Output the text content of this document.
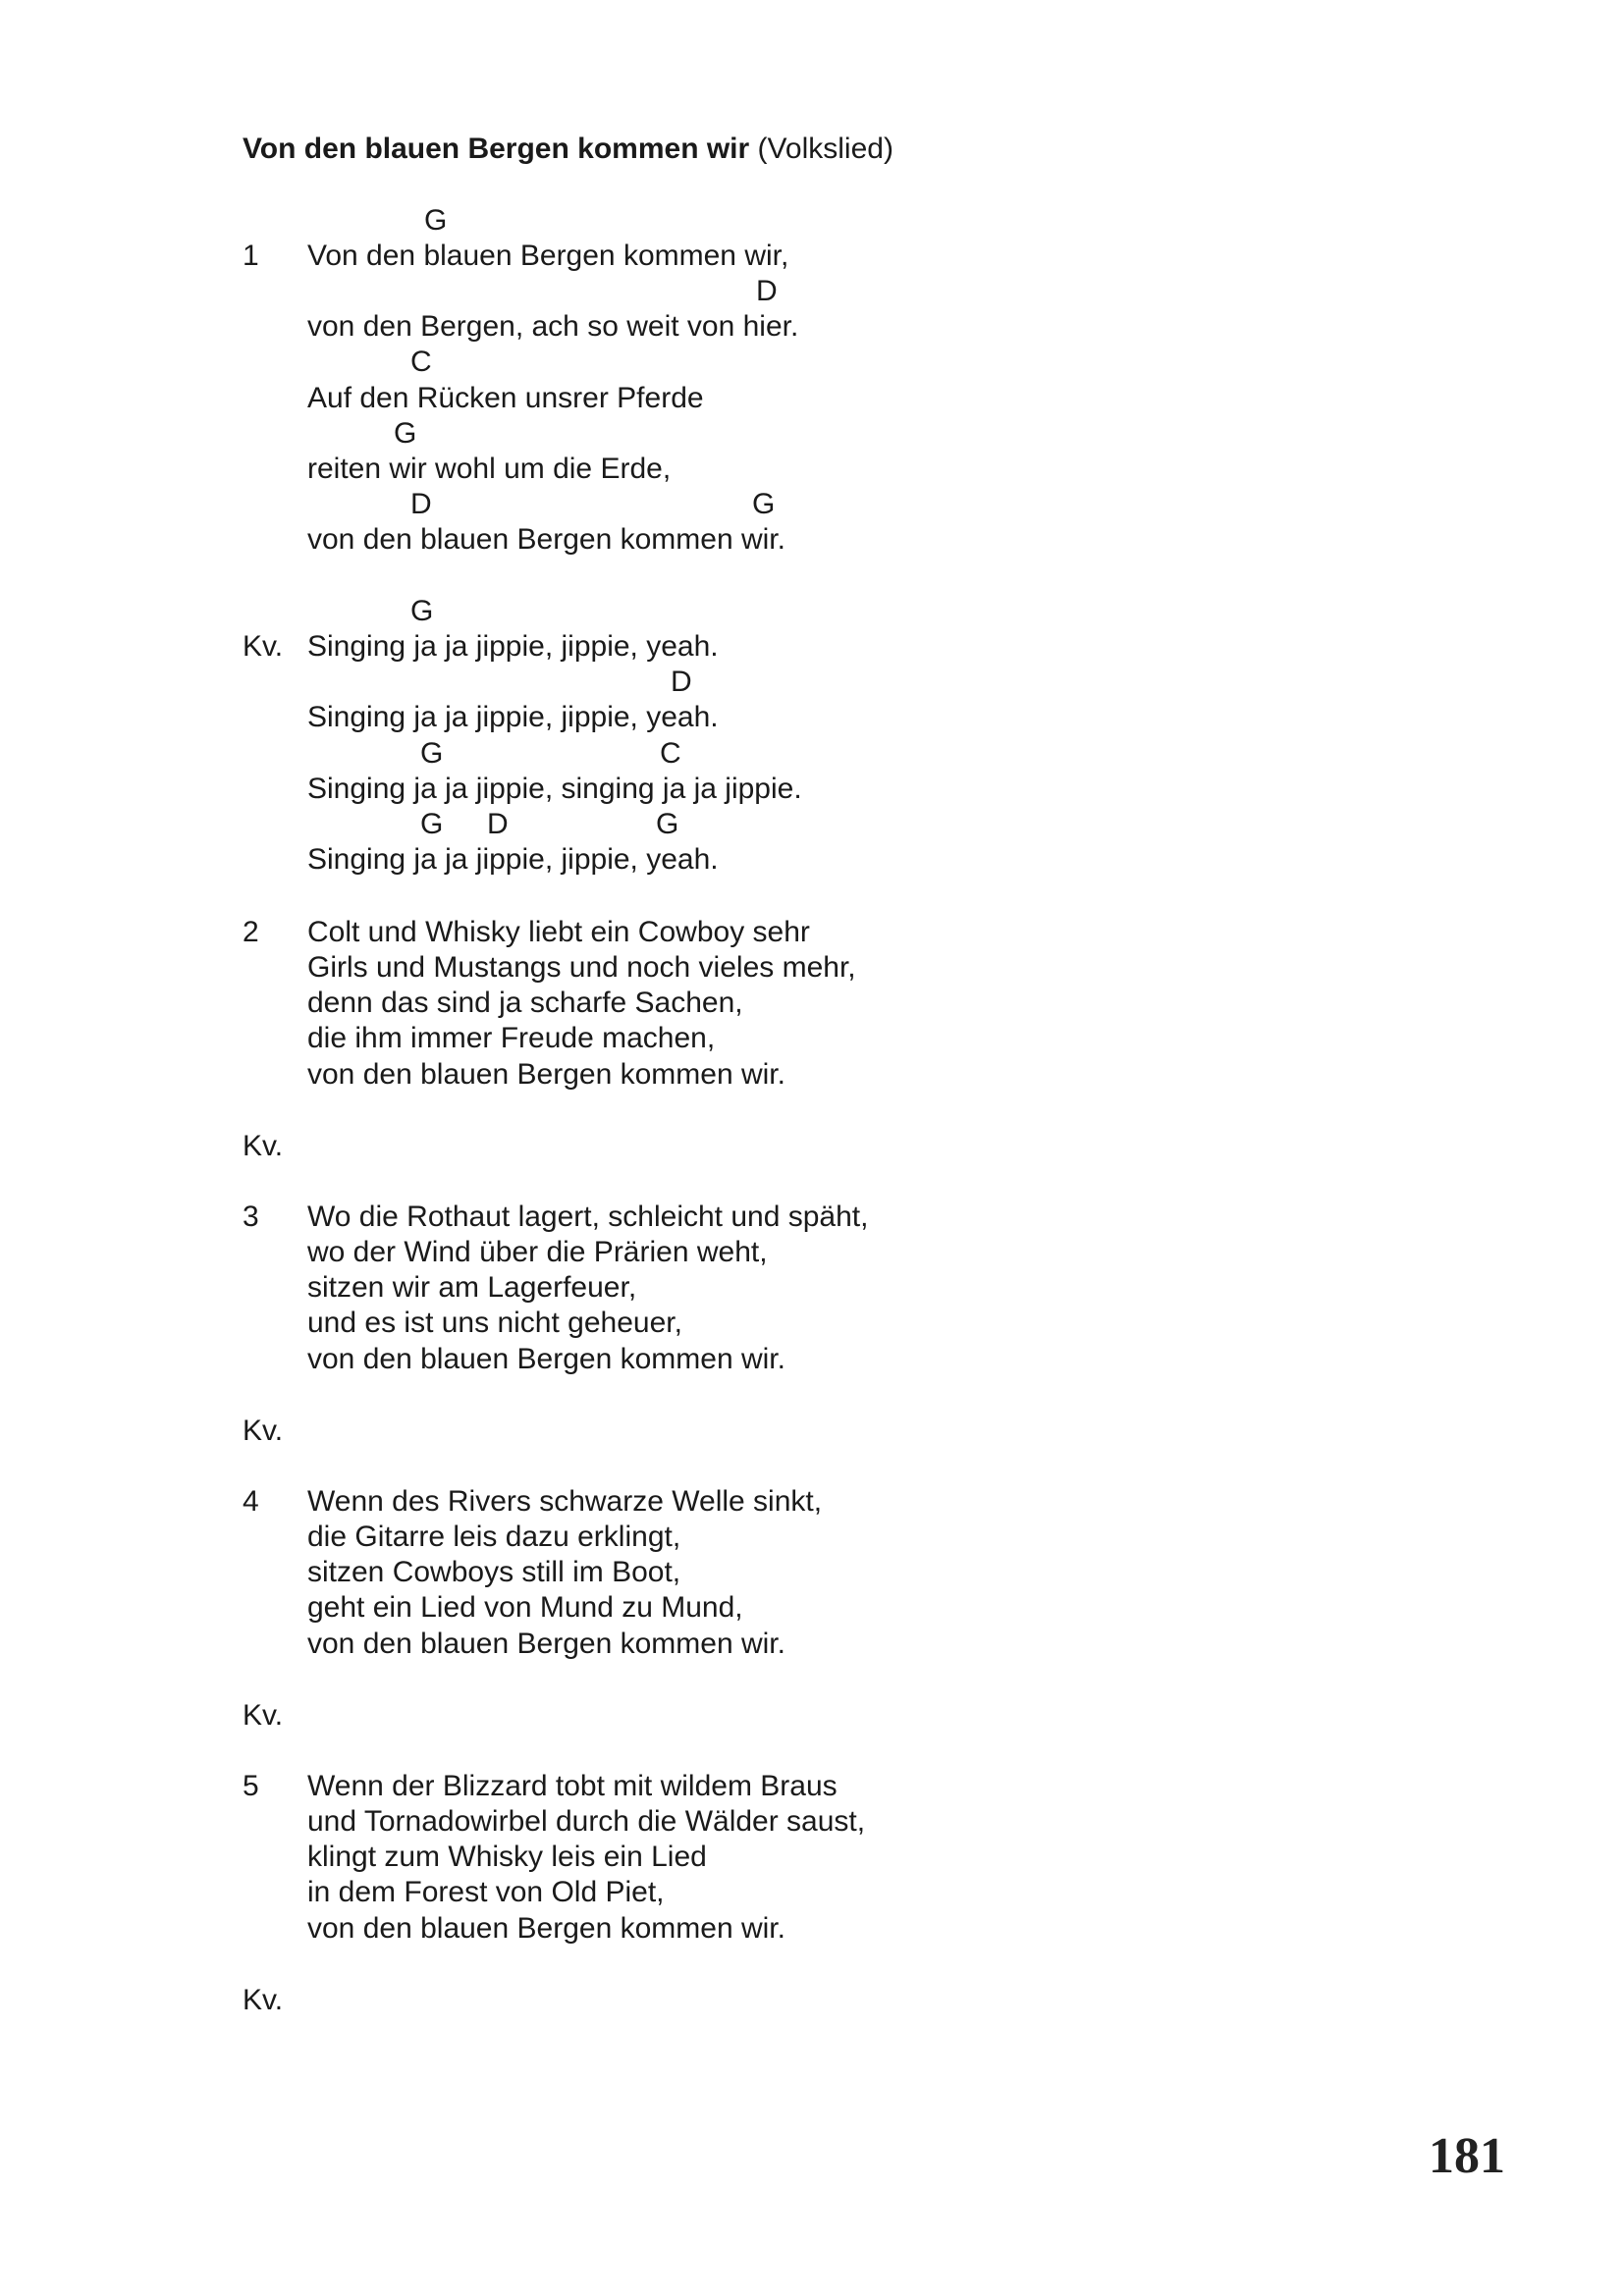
Von den blauen Bergen kommen wir (Volkslied)
G
1 Von den blauen Bergen kommen wir,
D
von den Bergen, ach so weit von hier.
C
Auf den Rücken unsrer Pferde
G
reiten wir wohl um die Erde,
D	G
von den blauen Bergen kommen wir.
G
Kv. Singing ja ja jippie, jippie, yeah.
D
Singing ja ja jippie, jippie, yeah.
G	C
Singing ja ja jippie, singing ja ja jippie.
G D	G
Singing ja ja jippie, jippie, yeah.
2 Colt und Whisky liebt ein Cowboy sehr
Girls und Mustangs und noch vieles mehr,
denn das sind ja scharfe Sachen,
die ihm immer Freude machen,
von den blauen Bergen kommen wir.
Kv.
3 Wo die Rothaut lagert, schleicht und späht,
wo der Wind über die Prärien weht,
sitzen wir am Lagerfeuer,
und es ist uns nicht geheuer,
von den blauen Bergen kommen wir.
Kv.
4 Wenn des Rivers schwarze Welle sinkt,
die Gitarre leis dazu erklingt,
sitzen Cowboys still im Boot,
geht ein Lied von Mund zu Mund,
von den blauen Bergen kommen wir.
Kv.
5 Wenn der Blizzard tobt mit wildem Braus
und Tornadowirbel durch die Wälder saust,
klingt zum Whisky leis ein Lied
in dem Forest von Old Piet,
von den blauen Bergen kommen wir.
Kv.
181
